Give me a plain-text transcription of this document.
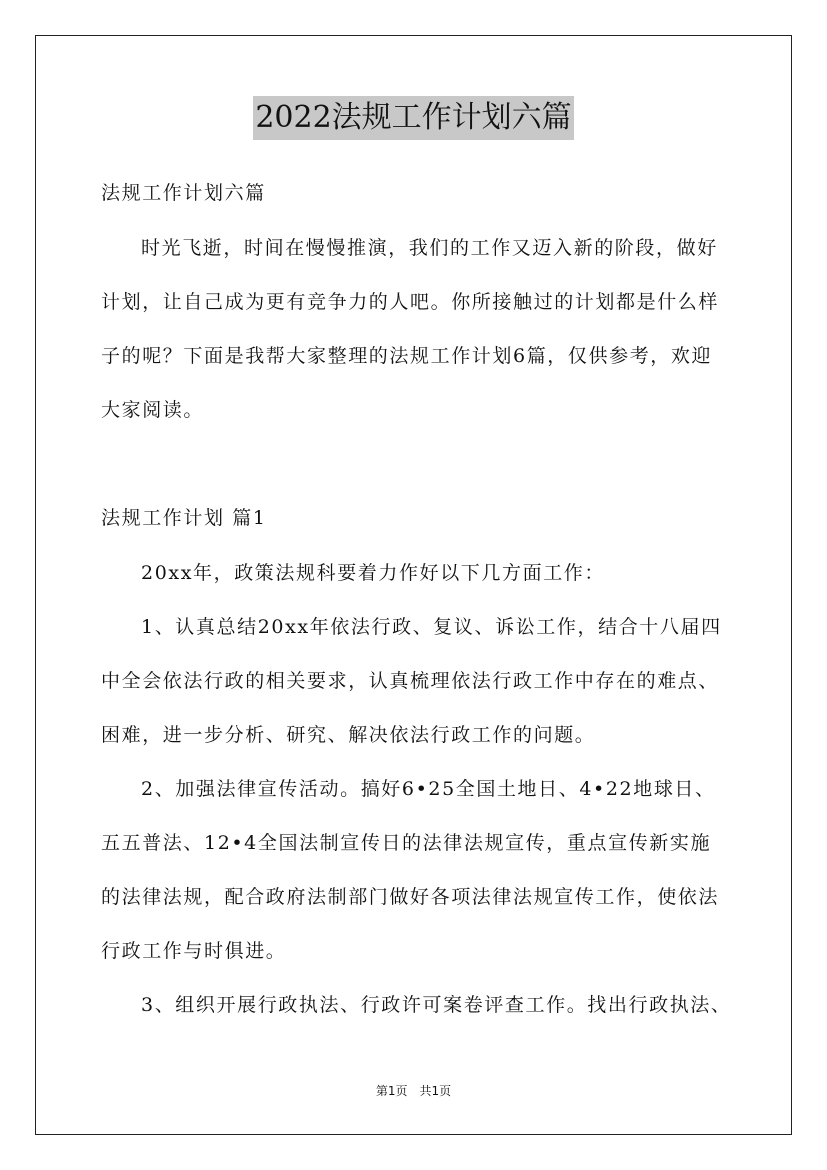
2022法规工作计划六篇
法规工作计划六篇
时光飞逝，时间在慢慢推演，我们的工作又迈入新的阶段，做好
计划，让自己成为更有竞争力的人吧。你所接触过的计划都是什么样
子的呢？下面是我帮大家整理的法规工作计划6篇，仅供参考，欢迎
大家阅读。
法规工作计划 篇1
20xx年，政策法规科要着力作好以下几方面工作：
1、认真总结20xx年依法行政、复议、诉讼工作，结合十八届四
中全会依法行政的相关要求，认真梳理依法行政工作中存在的难点、
困难，进一步分析、研究、解决依法行政工作的问题。
2、加强法律宣传活动。搞好6•25全国土地日、4•22地球日、
五五普法、12•4全国法制宣传日的法律法规宣传，重点宣传新实施
的法律法规，配合政府法制部门做好各项法律法规宣传工作，使依法
行政工作与时俱进。
3、组织开展行政执法、行政许可案卷评查工作。找出行政执法、
第1页　共1页
